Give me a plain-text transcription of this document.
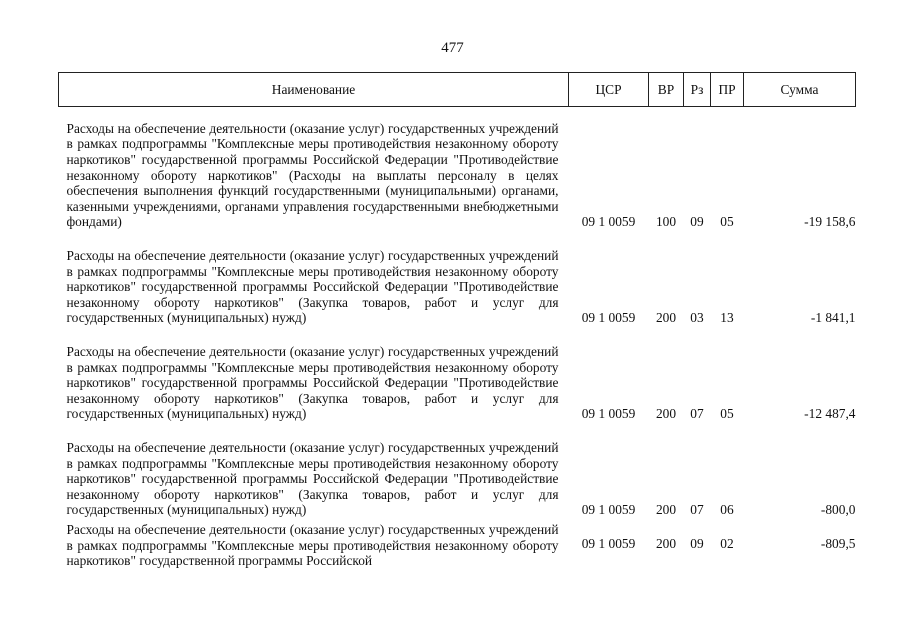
477
Наименование	ЦСР	ВР	Рз	ПР	Сумма
Расходы на обеспечение деятельности (оказание услуг) государственных учреждений в рамках подпрограммы "Комплексные меры противодействия незаконному обороту наркотиков" государственной программы Российской Федерации "Противодействие незаконному обороту наркотиков" (Расходы на выплаты персоналу в целях обеспечения выполнения функций государственными (муниципальными) органами, казенными учреждениями, органами управления государственными внебюджетными фондами)	09 1 0059	100	09	05	-19 158,6
Расходы на обеспечение деятельности (оказание услуг) государственных учреждений в рамках подпрограммы "Комплексные меры противодействия незаконному обороту наркотиков" государственной программы Российской Федерации "Противодействие незаконному обороту наркотиков" (Закупка товаров, работ и услуг для государственных (муниципальных) нужд)	09 1 0059	200	03	13	-1 841,1
Расходы на обеспечение деятельности (оказание услуг) государственных учреждений в рамках подпрограммы "Комплексные меры противодействия незаконному обороту наркотиков" государственной программы Российской Федерации "Противодействие незаконному обороту наркотиков" (Закупка товаров, работ и услуг для государственных (муниципальных) нужд)	09 1 0059	200	07	05	-12 487,4
Расходы на обеспечение деятельности (оказание услуг) государственных учреждений в рамках подпрограммы "Комплексные меры противодействия незаконному обороту наркотиков" государственной программы Российской Федерации "Противодействие незаконному обороту наркотиков" (Закупка товаров, работ и услуг для государственных (муниципальных) нужд)	09 1 0059	200	07	06	-800,0
Расходы на обеспечение деятельности (оказание услуг) государственных учреждений в рамках подпрограммы "Комплексные меры противодействия незаконному обороту наркотиков" государственной программы Российской	09 1 0059	200	09	02	-809,5
